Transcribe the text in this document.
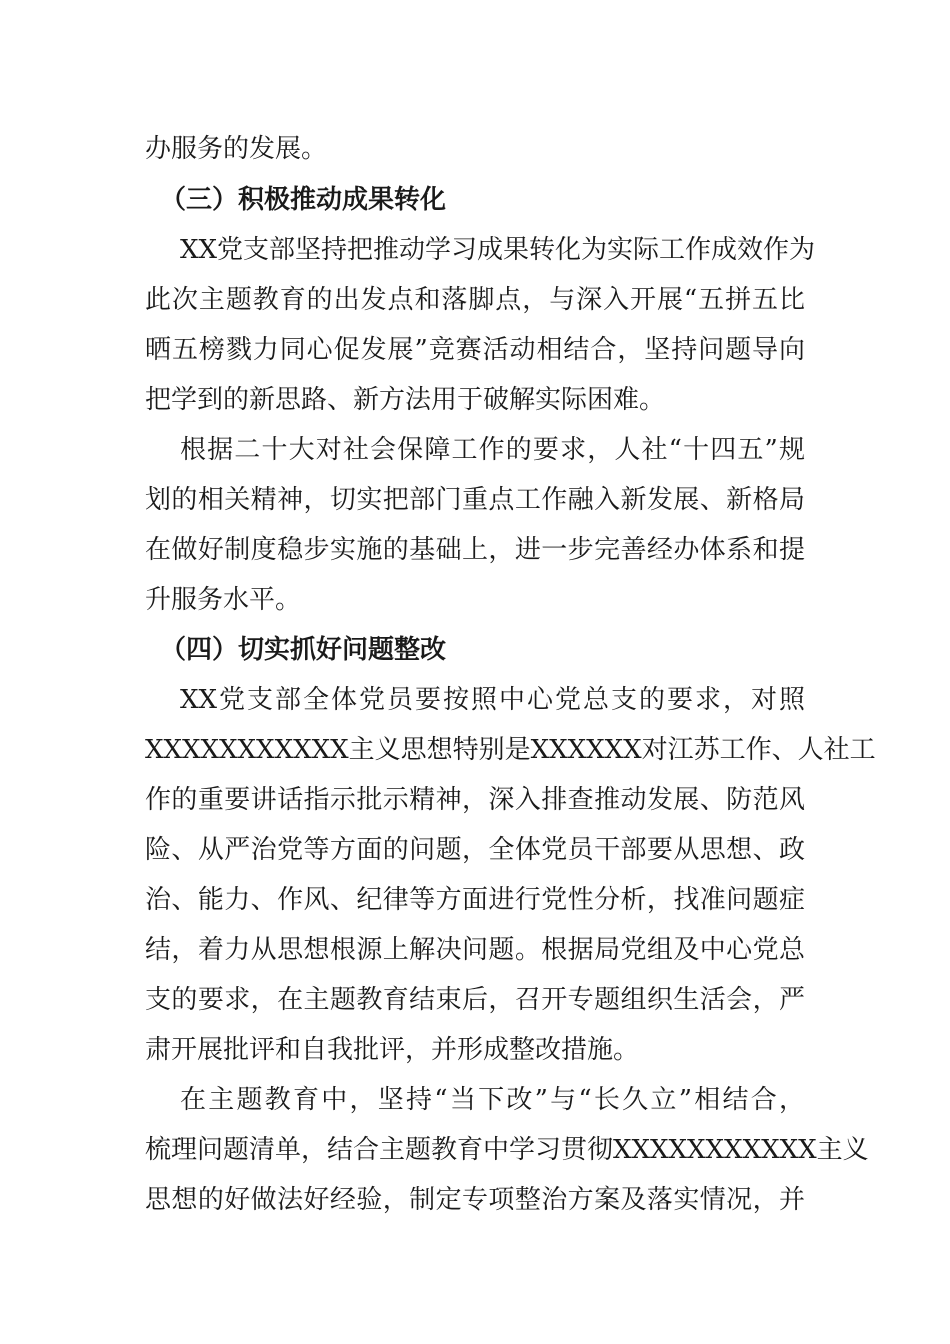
办服务的发展。
（三）积极推动成果转化
XX党支部坚持把推动学习成果转化为实际工作成效作为
此次主题教育的出发点和落脚点，与深入开展“五拼五比
晒五榜戮力同心促发展”竞赛活动相结合，坚持问题导向
把学到的新思路、新方法用于破解实际困难。
根据二十大对社会保障工作的要求，人社“十四五”规
划的相关精神，切实把部门重点工作融入新发展、新格局
在做好制度稳步实施的基础上，进一步完善经办体系和提
升服务水平。
（四）切实抓好问题整改
XX党支部全体党员要按照中心党总支的要求，对照
XXXXXXXXXXX主义思想特别是XXXXXX对江苏工作、人社工
作的重要讲话指示批示精神，深入排查推动发展、防范风
险、从严治党等方面的问题，全体党员干部要从思想、政
治、能力、作风、纪律等方面进行党性分析，找准问题症
结，着力从思想根源上解决问题。根据局党组及中心党总
支的要求，在主题教育结束后，召开专题组织生活会，严
肃开展批评和自我批评，并形成整改措施。
在主题教育中，坚持“当下改”与“长久立”相结合，
梳理问题清单，结合主题教育中学习贯彻XXXXXXXXXXX主义
思想的好做法好经验，制定专项整治方案及落实情况，并
